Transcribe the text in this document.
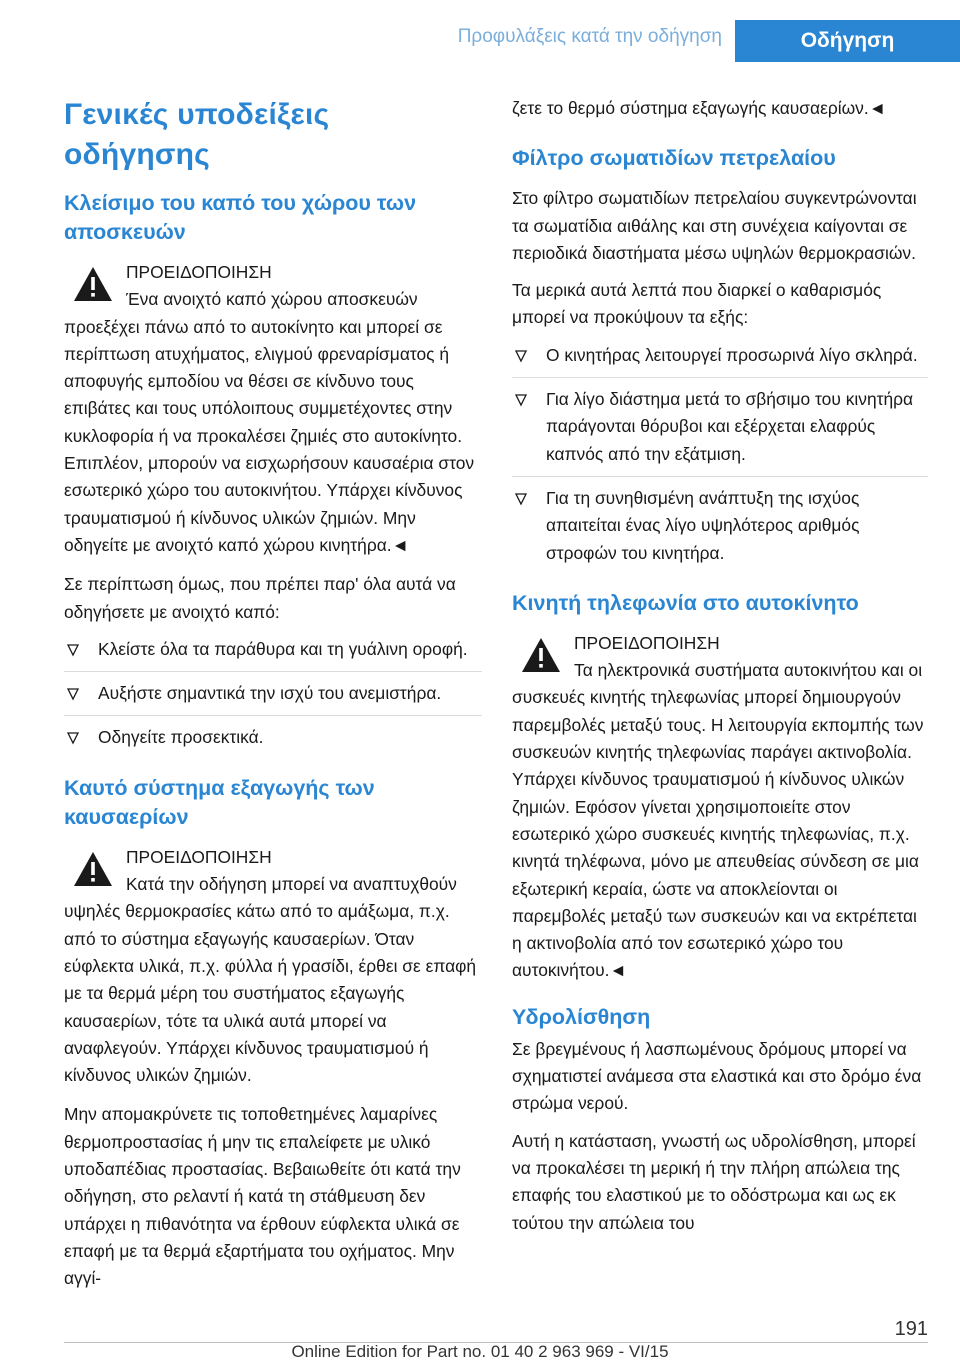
Προφυλάξεις κατά την οδήγηση	Οδήγηση
Γενικές υποδείξεις οδήγησης
Κλείσιμο του καπό του χώρου των αποσκευών
ΠΡΟΕΙΔΟΠΟΙΗΣΗ
Ένα ανοιχτό καπό χώρου αποσκευών προεξέχει πάνω από το αυτοκίνητο και μπορεί σε περίπτωση ατυχήματος, ελιγμού φρεναρίσματος ή αποφυγής εμποδίου να θέσει σε κίνδυνο τους επιβάτες και τους υπόλοιπους συμμετέχοντες στην κυκλοφορία ή να προκαλέσει ζημιές στο αυτοκίνητο. Επιπλέον, μπορούν να εισχωρήσουν καυσαέρια στον εσωτερικό χώρο του αυτοκινήτου. Υπάρχει κίνδυνος τραυματισμού ή κίνδυνος υλικών ζημιών. Μην οδηγείτε με ανοιχτό καπό χώρου κινητήρα.◄

Σε περίπτωση όμως, που πρέπει παρ' όλα αυτά να οδηγήσετε με ανοιχτό καπό:

Κλείστε όλα τα παράθυρα και τη γυάλινη οροφή.
Αυξήστε σημαντικά την ισχύ του ανεμιστήρα.
Οδηγείτε προσεκτικά.
Καυτό σύστημα εξαγωγής των καυσαερίων
ΠΡΟΕΙΔΟΠΟΙΗΣΗ
Κατά την οδήγηση μπορεί να αναπτυχθούν υψηλές θερμοκρασίες κάτω από το αμάξωμα, π.χ. από το σύστημα εξαγωγής καυσαερίων. Όταν εύφλεκτα υλικά, π.χ. φύλλα ή γρασίδι, έρθει σε επαφή με τα θερμά μέρη του συστήματος εξαγωγής καυσαερίων, τότε τα υλικά αυτά μπορεί να αναφλεγούν. Υπάρχει κίνδυνος τραυματισμού ή κίνδυνος υλικών ζημιών.

Μην απομακρύνετε τις τοποθετημένες λαμαρίνες θερμοπροστασίας ή μην τις επαλείφετε με υλικό υποδαπέδιας προστασίας. Βεβαιωθείτε ότι κατά την οδήγηση, στο ρελαντί ή κατά τη στάθμευση δεν υπάρχει η πιθανότητα να έρθουν εύφλεκτα υλικά σε επαφή με τα θερμά εξαρτήματα του οχήματος. Μην αγγί-

ζετε το θερμό σύστημα εξαγωγής καυσαερίων.◄

Φίλτρο σωματιδίων πετρελαίου

Στο φίλτρο σωματιδίων πετρελαίου συγκεντρώνονται τα σωματίδια αιθάλης και στη συνέχεια καίγονται σε περιοδικά διαστήματα μέσω υψηλών θερμοκρασιών.

Τα μερικά αυτά λεπτά που διαρκεί ο καθαρισμός μπορεί να προκύψουν τα εξής:

Ο κινητήρας λειτουργεί προσωρινά λίγο σκληρά.
Για λίγο διάστημα μετά το σβήσιμο του κινητήρα παράγονται θόρυβοι και εξέρχεται ελαφρύς καπνός από την εξάτμιση.
Για τη συνηθισμένη ανάπτυξη της ισχύος απαιτείται ένας λίγο υψηλότερος αριθμός στροφών του κινητήρα.
Κινητή τηλεφωνία στο αυτοκίνητο
ΠΡΟΕΙΔΟΠΟΙΗΣΗ
Τα ηλεκτρονικά συστήματα αυτοκινήτου και οι συσκευές κινητής τηλεφωνίας μπορεί δημιουργούν παρεμβολές μεταξύ τους. Η λειτουργία εκπομπής των συσκευών κινητής τηλεφωνίας παράγει ακτινοβολία. Υπάρχει κίνδυνος τραυματισμού ή κίνδυνος υλικών ζημιών. Εφόσον γίνεται χρησιμοποιείτε στον εσωτερικό χώρο συσκευές κινητής τηλεφωνίας, π.χ. κινητά τηλέφωνα, μόνο με απευθείας σύνδεση σε μια εξωτερική κεραία, ώστε να αποκλείονται οι παρεμβολές μεταξύ των συσκευών και να εκτρέπεται η ακτινοβολία από τον εσωτερικό χώρο του αυτοκινήτου.◄
Υδρολίσθηση

Σε βρεγμένους ή λασπωμένους δρόμους μπορεί να σχηματιστεί ανάμεσα στα ελαστικά και στο δρόμο ένα στρώμα νερού.

Αυτή η κατάσταση, γνωστή ως υδρολίσθηση, μπορεί να προκαλέσει τη μερική ή την πλήρη απώλεια της επαφής του ελαστικού με το οδόστρωμα και ως εκ τούτου την απώλεια του

191
Online Edition for Part no. 01 40 2 963 969 - VI/15
